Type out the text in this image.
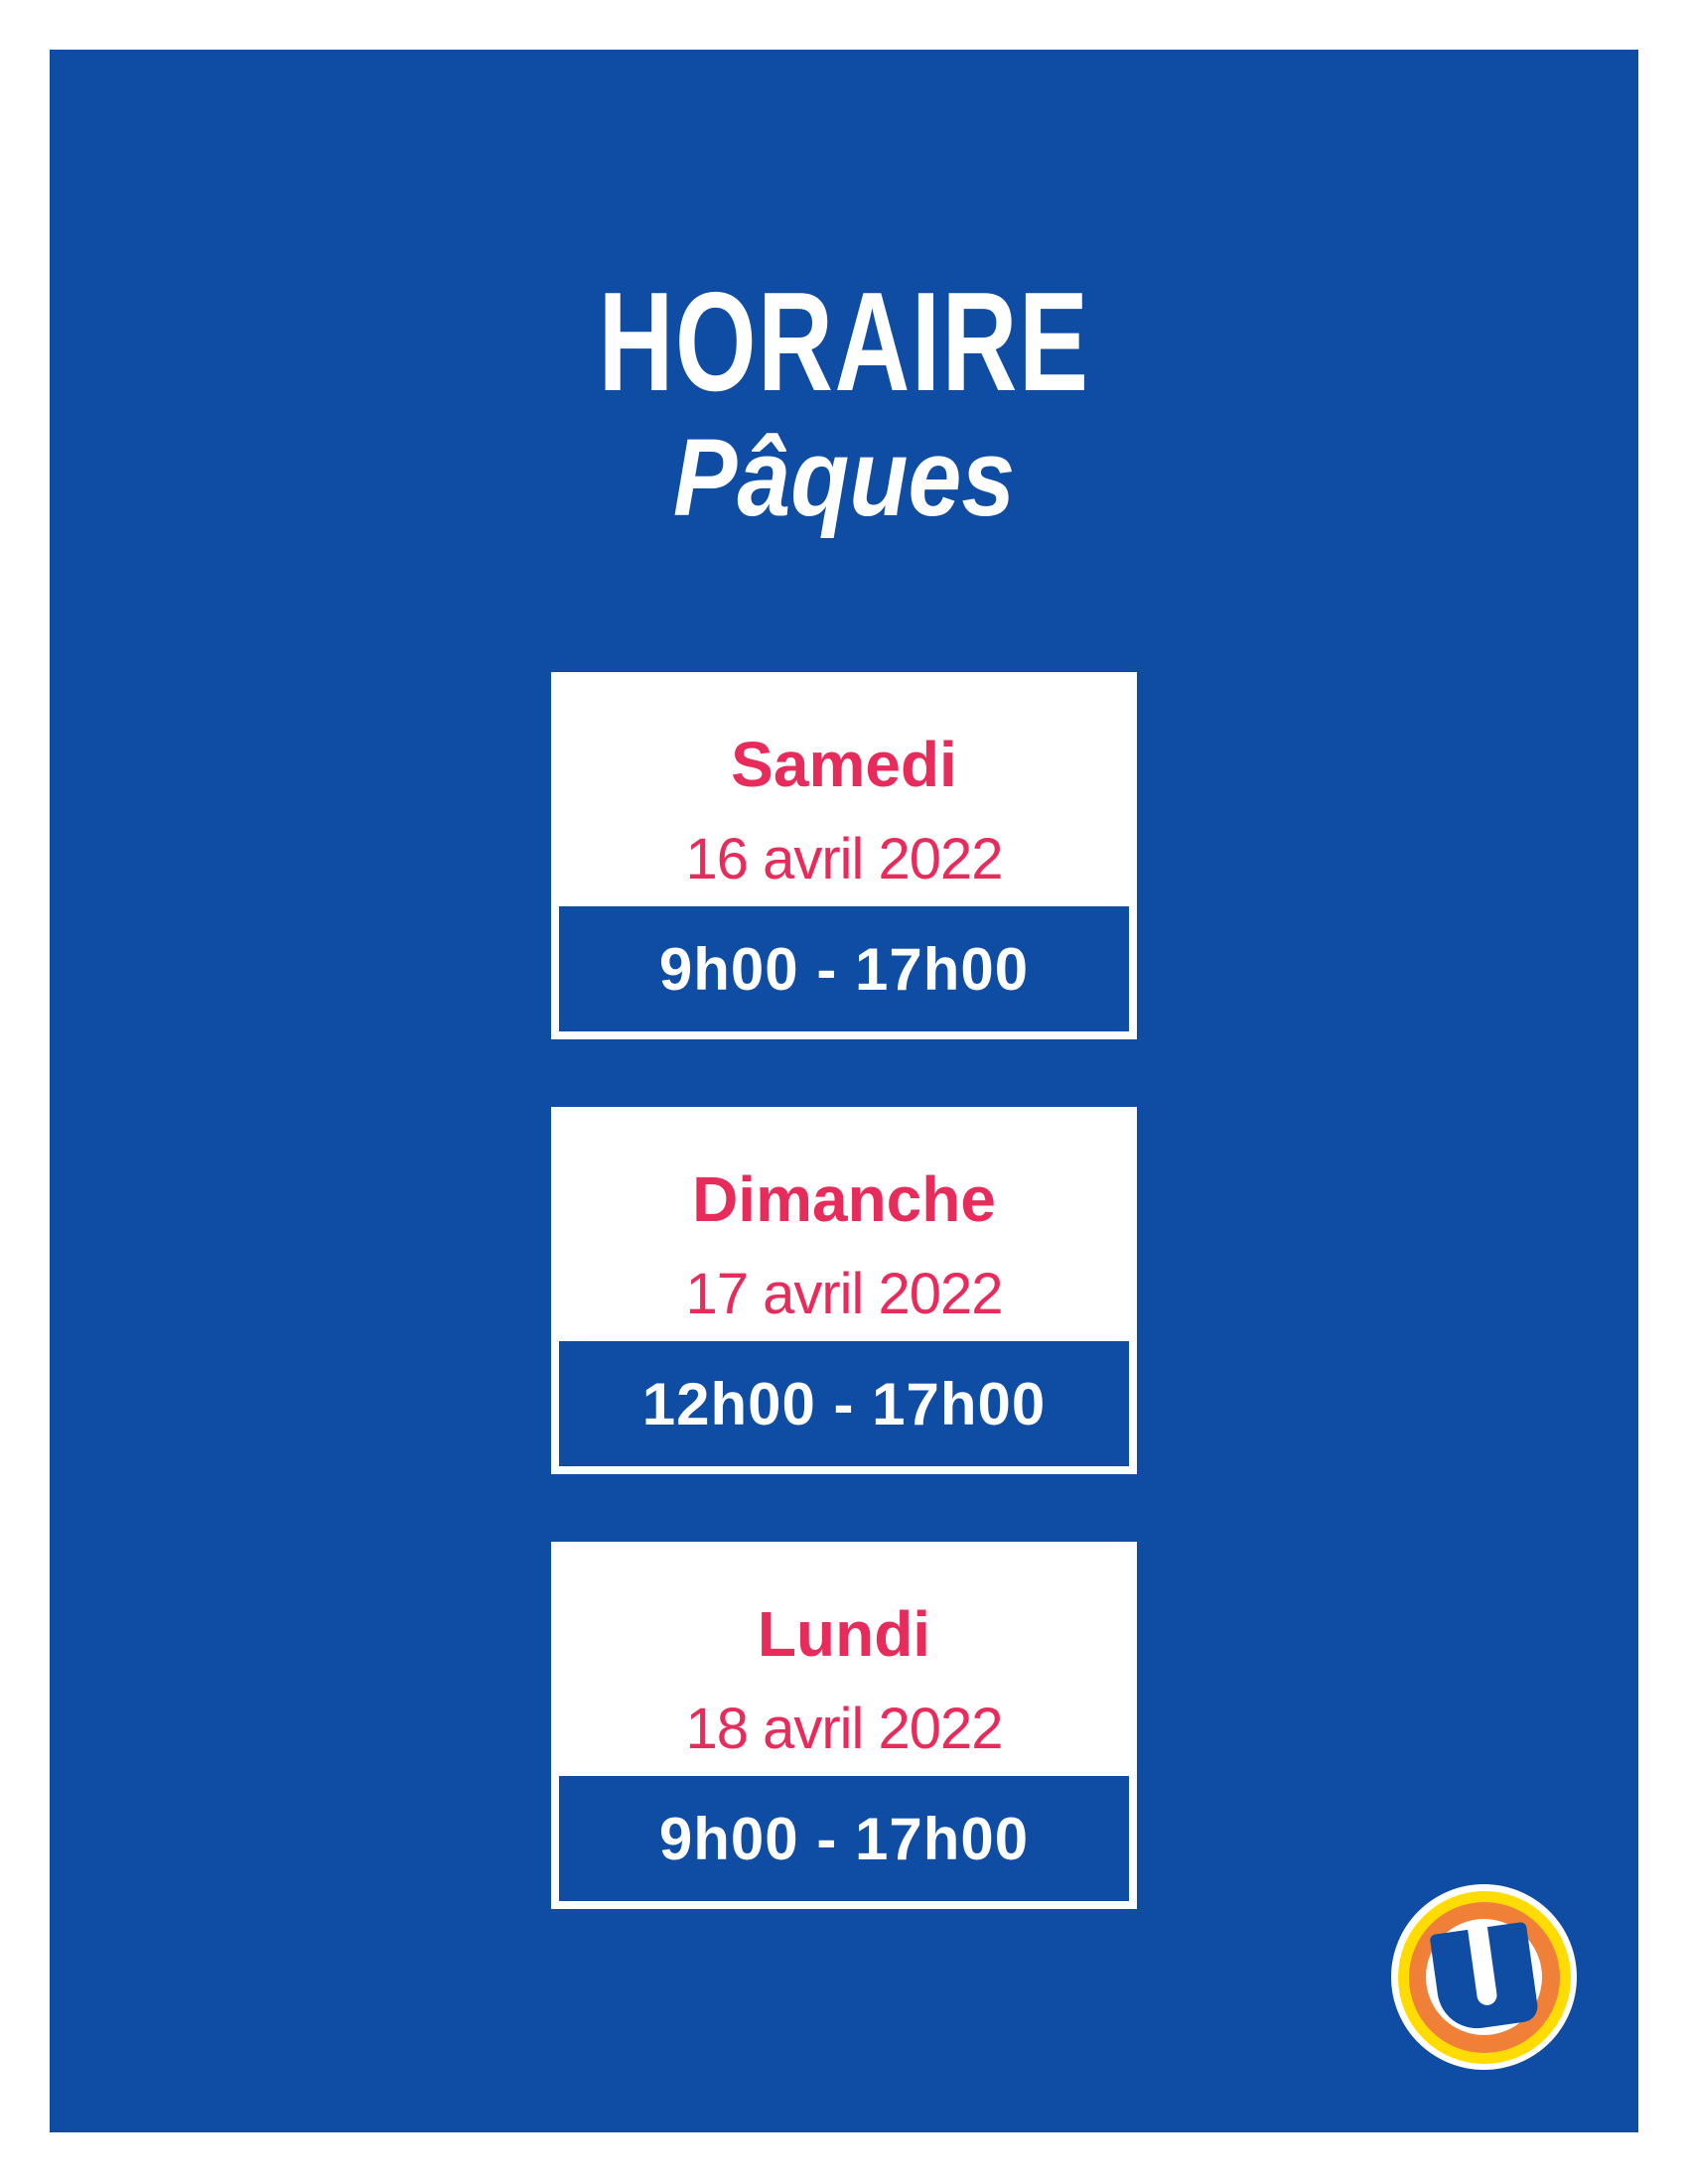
HORAIRE
Pâques
Samedi
16 avril 2022
9h00 - 17h00
Dimanche
17 avril 2022
12h00 - 17h00
Lundi
18 avril 2022
9h00 - 17h00
